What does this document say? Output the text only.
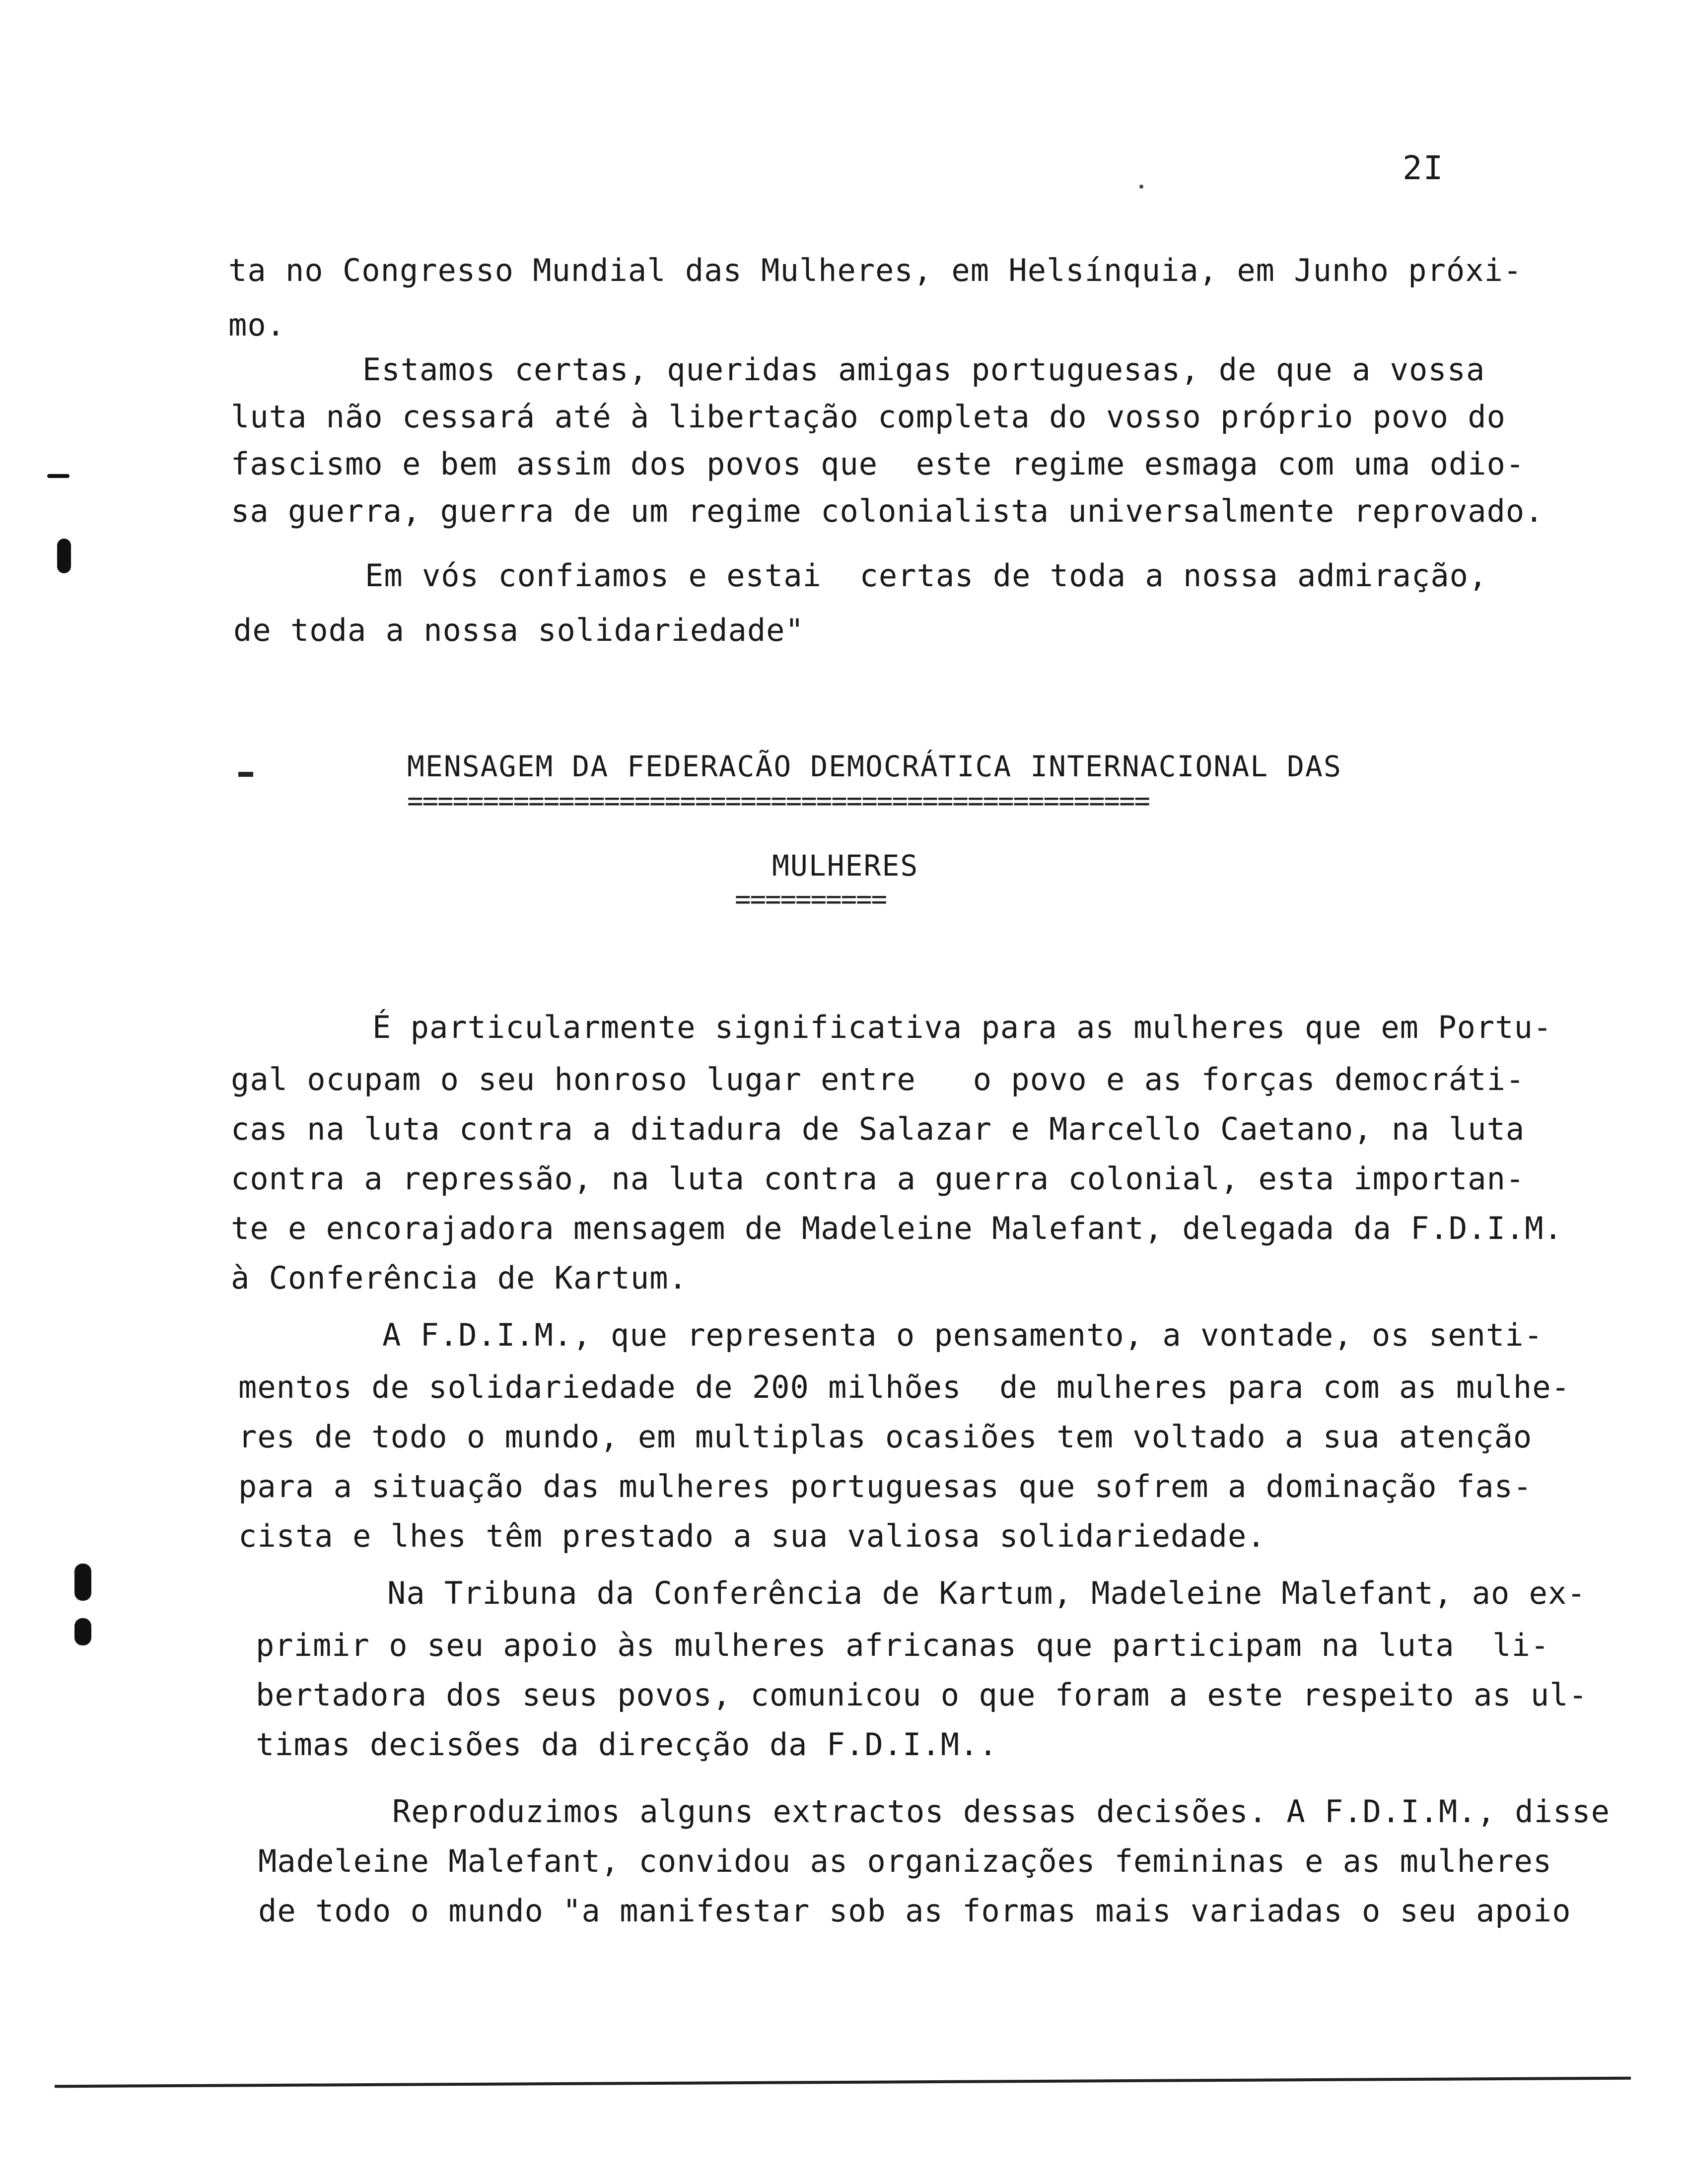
2I
ta no Congresso Mundial das Mulheres, em Helsínquia, em Junho próxi-
mo.
Estamos certas, queridas amigas portuguesas, de que a vossa
luta não cessará até à libertação completa do vosso próprio povo do
fascismo e bem assim dos povos que  este regime esmaga com uma odio-
sa guerra, guerra de um regime colonialista universalmente reprovado.
Em vós confiamos e estai  certas de toda a nossa admiração,
de toda a nossa solidariedade"
MENSAGEM DA FEDERACÃO DEMOCRÁTICA INTERNACIONAL DAS
=================================================
MULHERES
==========
É particularmente significativa para as mulheres que em Portu-
gal ocupam o seu honroso lugar entre   o povo e as forças democráti-
cas na luta contra a ditadura de Salazar e Marcello Caetano, na luta
contra a repressão, na luta contra a guerra colonial, esta importan-
te e encorajadora mensagem de Madeleine Malefant, delegada da F.D.I.M.
à Conferência de Kartum.
A F.D.I.M., que representa o pensamento, a vontade, os senti-
mentos de solidariedade de 200 milhões  de mulheres para com as mulhe-
res de todo o mundo, em multiplas ocasiões tem voltado a sua atenção
para a situação das mulheres portuguesas que sofrem a dominação fas-
cista e lhes têm prestado a sua valiosa solidariedade.
Na Tribuna da Conferência de Kartum, Madeleine Malefant, ao ex-
primir o seu apoio às mulheres africanas que participam na luta  li-
bertadora dos seus povos, comunicou o que foram a este respeito as ul-
timas decisões da direcção da F.D.I.M..
Reproduzimos alguns extractos dessas decisões. A F.D.I.M., disse
Madeleine Malefant, convidou as organizações femininas e as mulheres
de todo o mundo "a manifestar sob as formas mais variadas o seu apoio
